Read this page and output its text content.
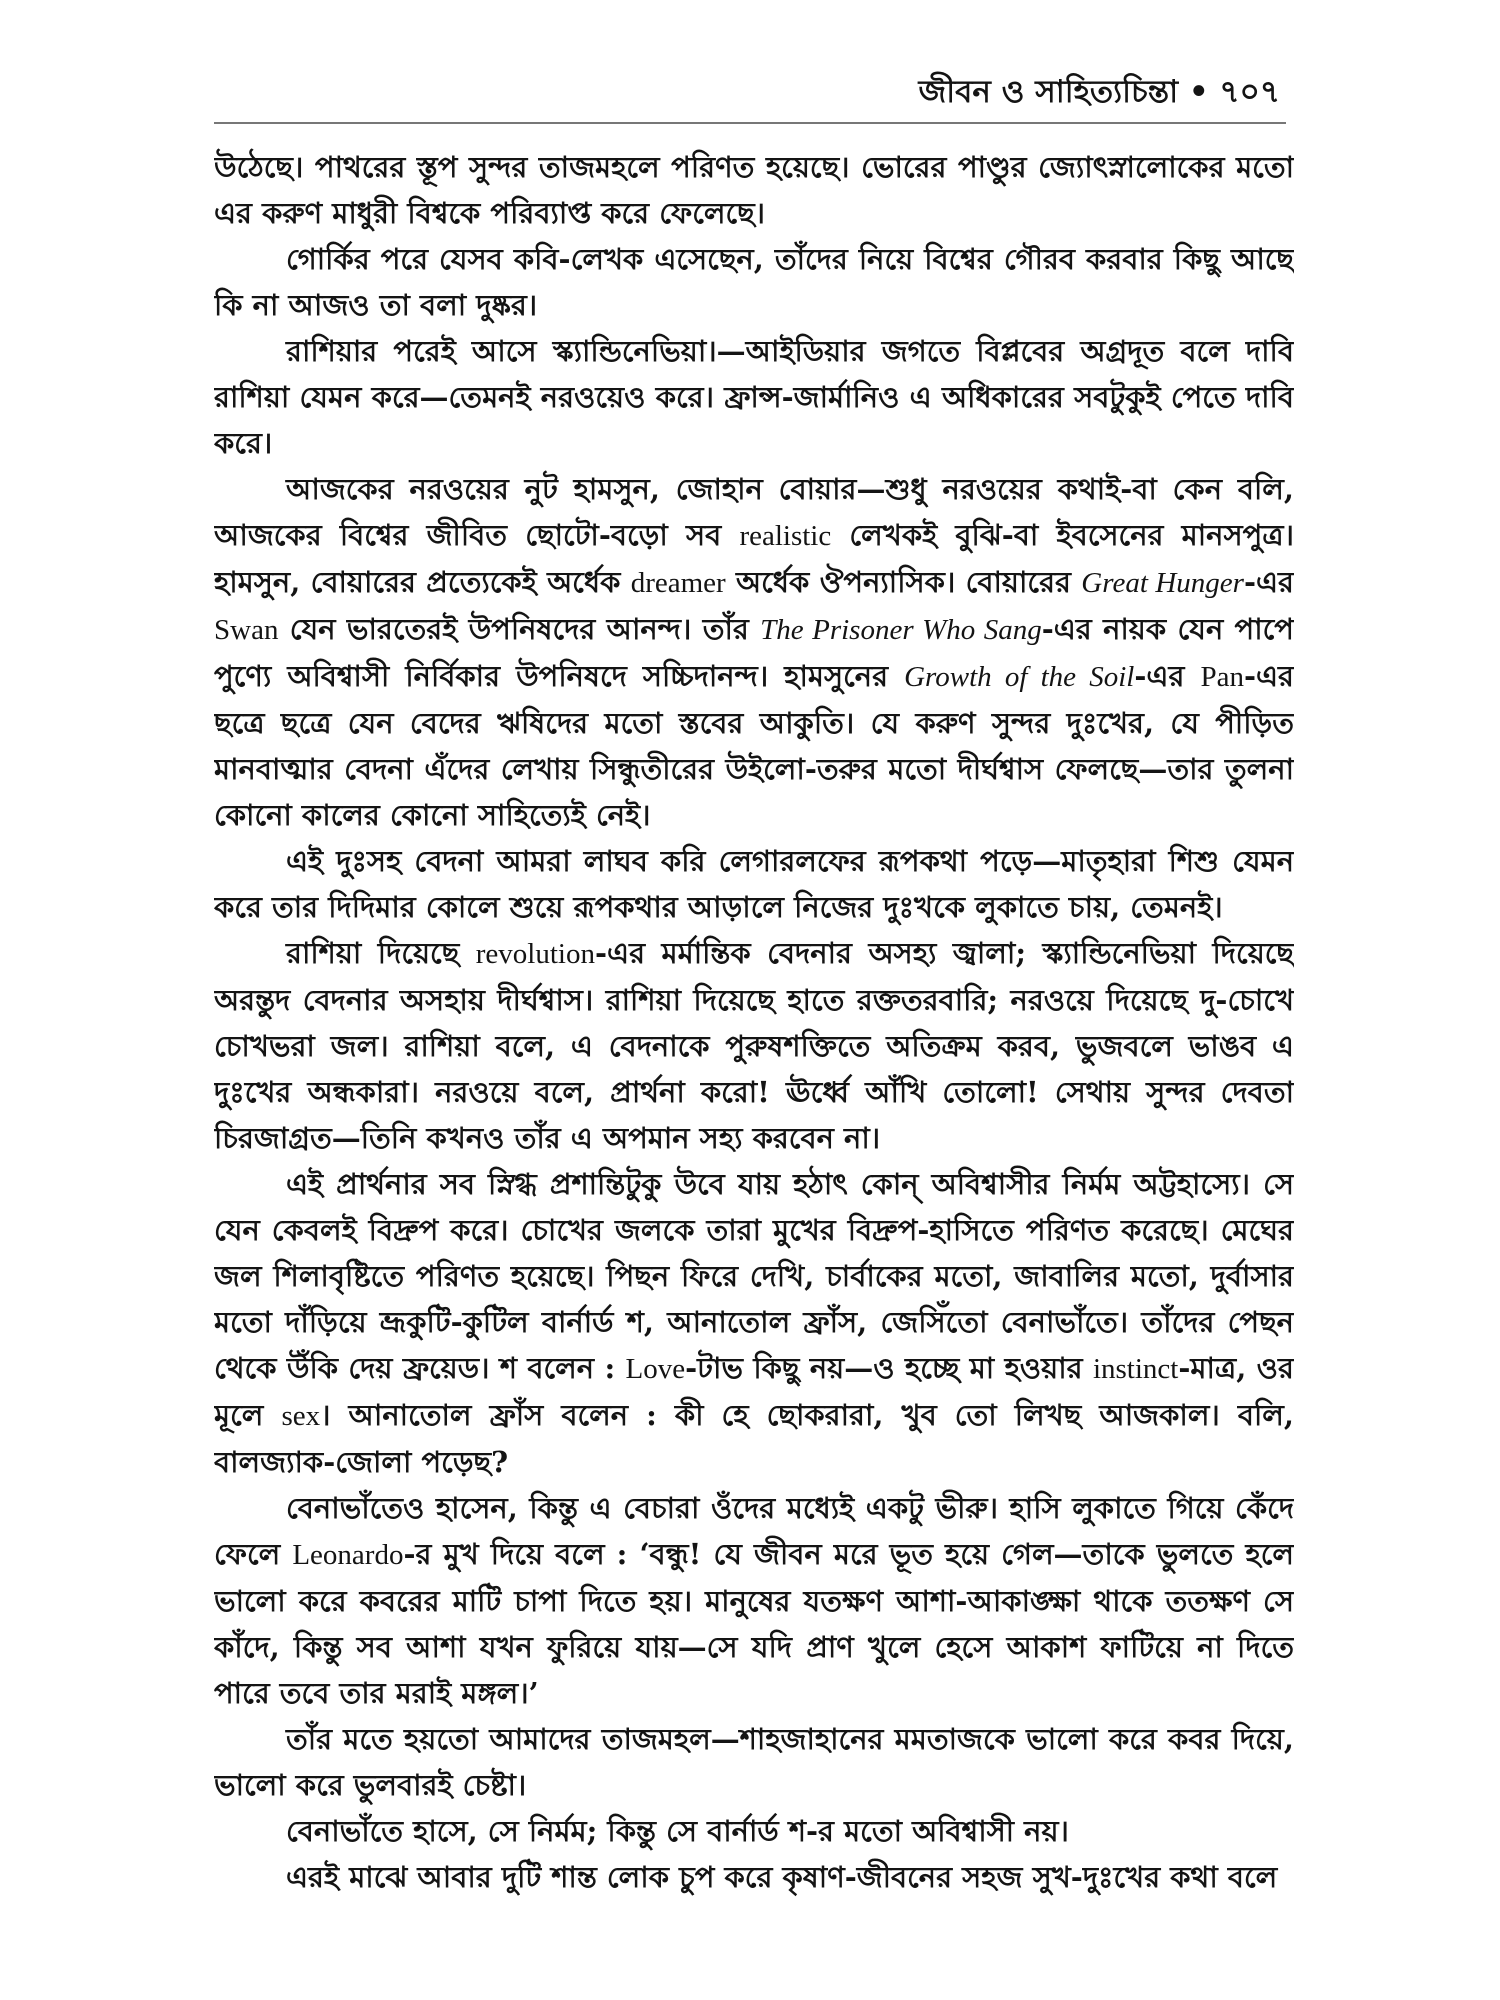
জীবন ও সাহিত্যচিন্তা • ৭০৭

উঠেছে। পাথরের স্তূপ সুন্দর তাজমহলে পরিণত হয়েছে। ভোরের পাণ্ডুর জ্যোৎস্নালোকের মতো এর করুণ মাধুরী বিশ্বকে পরিব্যাপ্ত করে ফেলেছে।

গোর্কির পরে যেসব কবি-লেখক এসেছেন, তাঁদের নিয়ে বিশ্বের গৌরব করবার কিছু আছে কি না আজও তা বলা দুষ্কর।

রাশিয়ার পরেই আসে স্ক্যান্ডিনেভিয়া।—আইডিয়ার জগতে বিপ্লবের অগ্রদূত বলে দাবি রাশিয়া যেমন করে—তেমনই নরওয়েও করে। ফ্রান্স-জার্মানিও এ অধিকারের সবটুকুই পেতে দাবি করে।

আজকের নরওয়ের নুট হামসুন, জোহান বোয়ার—শুধু নরওয়ের কথাই-বা কেন বলি, আজকের বিশ্বের জীবিত ছোটো-বড়ো সব realistic লেখকই বুঝি-বা ইবসেনের মানসপুত্র। হামসুন, বোয়ারের প্রত্যেকেই অর্ধেক dreamer অর্ধেক ঔপন্যাসিক। বোয়ারের Great Hunger-এর Swan যেন ভারতেরই উপনিষদের আনন্দ। তাঁর The Prisoner Who Sang-এর নায়ক যেন পাপে পুণ্যে অবিশ্বাসী নির্বিকার উপনিষদে সচ্চিদানন্দ। হামসুনের Growth of the Soil-এর Pan-এর ছত্রে ছত্রে যেন বেদের ঋষিদের মতো স্তবের আকুতি। যে করুণ সুন্দর দুঃখের, যে পীড়িত মানবাত্মার বেদনা এঁদের লেখায় সিন্ধুতীরের উইলো-তরুর মতো দীর্ঘশ্বাস ফেলছে—তার তুলনা কোনো কালের কোনো সাহিত্যেই নেই।

এই দুঃসহ বেদনা আমরা লাঘব করি লেগারলফের রূপকথা পড়ে—মাতৃহারা শিশু যেমন করে তার দিদিমার কোলে শুয়ে রূপকথার আড়ালে নিজের দুঃখকে লুকাতে চায়, তেমনই।

রাশিয়া দিয়েছে revolution-এর মর্মান্তিক বেদনার অসহ্য জ্বালা; স্ক্যান্ডিনেভিয়া দিয়েছে অরন্তুদ বেদনার অসহায় দীর্ঘশ্বাস। রাশিয়া দিয়েছে হাতে রক্ততরবারি; নরওয়ে দিয়েছে দু-চোখে চোখভরা জল। রাশিয়া বলে, এ বেদনাকে পুরুষশক্তিতে অতিক্রম করব, ভুজবলে ভাঙব এ দুঃখের অন্ধকারা। নরওয়ে বলে, প্রার্থনা করো! ঊর্ধ্বে আঁখি তোলো! সেথায় সুন্দর দেবতা চিরজাগ্রত—তিনি কখনও তাঁর এ অপমান সহ্য করবেন না।

এই প্রার্থনার সব স্নিগ্ধ প্রশান্তিটুকু উবে যায় হঠাৎ কোন্ অবিশ্বাসীর নির্মম অট্টহাস্যে। সে যেন কেবলই বিদ্রুপ করে। চোখের জলকে তারা মুখের বিদ্রুপ-হাসিতে পরিণত করেছে। মেঘের জল শিলাবৃষ্টিতে পরিণত হয়েছে। পিছন ফিরে দেখি, চার্বাকের মতো, জাবালির মতো, দুর্বাসার মতো দাঁড়িয়ে ভ্রূকুটি-কুটিল বার্নার্ড শ, আনাতোল ফ্রাঁস, জেসিঁতো বেনাভাঁতে। তাঁদের পেছন থেকে উঁকি দেয় ফ্রয়েড। শ বলেন : Love-টাভ কিছু নয়—ও হচ্ছে মা হওয়ার instinct-মাত্র, ওর মূলে sex। আনাতোল ফ্রাঁস বলেন : কী হে ছোকরারা, খুব তো লিখছ আজকাল। বলি, বালজ্যাক-জোলা পড়েছ?

বেনাভাঁতেও হাসেন, কিন্তু এ বেচারা ওঁদের মধ্যেই একটু ভীরু। হাসি লুকাতে গিয়ে কেঁদে ফেলে Leonardo-র মুখ দিয়ে বলে : ‘বন্ধু! যে জীবন মরে ভূত হয়ে গেল—তাকে ভুলতে হলে ভালো করে কবরের মাটি চাপা দিতে হয়। মানুষের যতক্ষণ আশা-আকাঙ্ক্ষা থাকে ততক্ষণ সে কাঁদে, কিন্তু সব আশা যখন ফুরিয়ে যায়—সে যদি প্রাণ খুলে হেসে আকাশ ফাটিয়ে না দিতে পারে তবে তার মরাই মঙ্গল।’

তাঁর মতে হয়তো আমাদের তাজমহল—শাহজাহানের মমতাজকে ভালো করে কবর দিয়ে, ভালো করে ভুলবারই চেষ্টা।

বেনাভাঁতে হাসে, সে নির্মম; কিন্তু সে বার্নার্ড শ-র মতো অবিশ্বাসী নয়।

এরই মাঝে আবার দুটি শান্ত লোক চুপ করে কৃষাণ-জীবনের সহজ সুখ-দুঃখের কথা বলে
